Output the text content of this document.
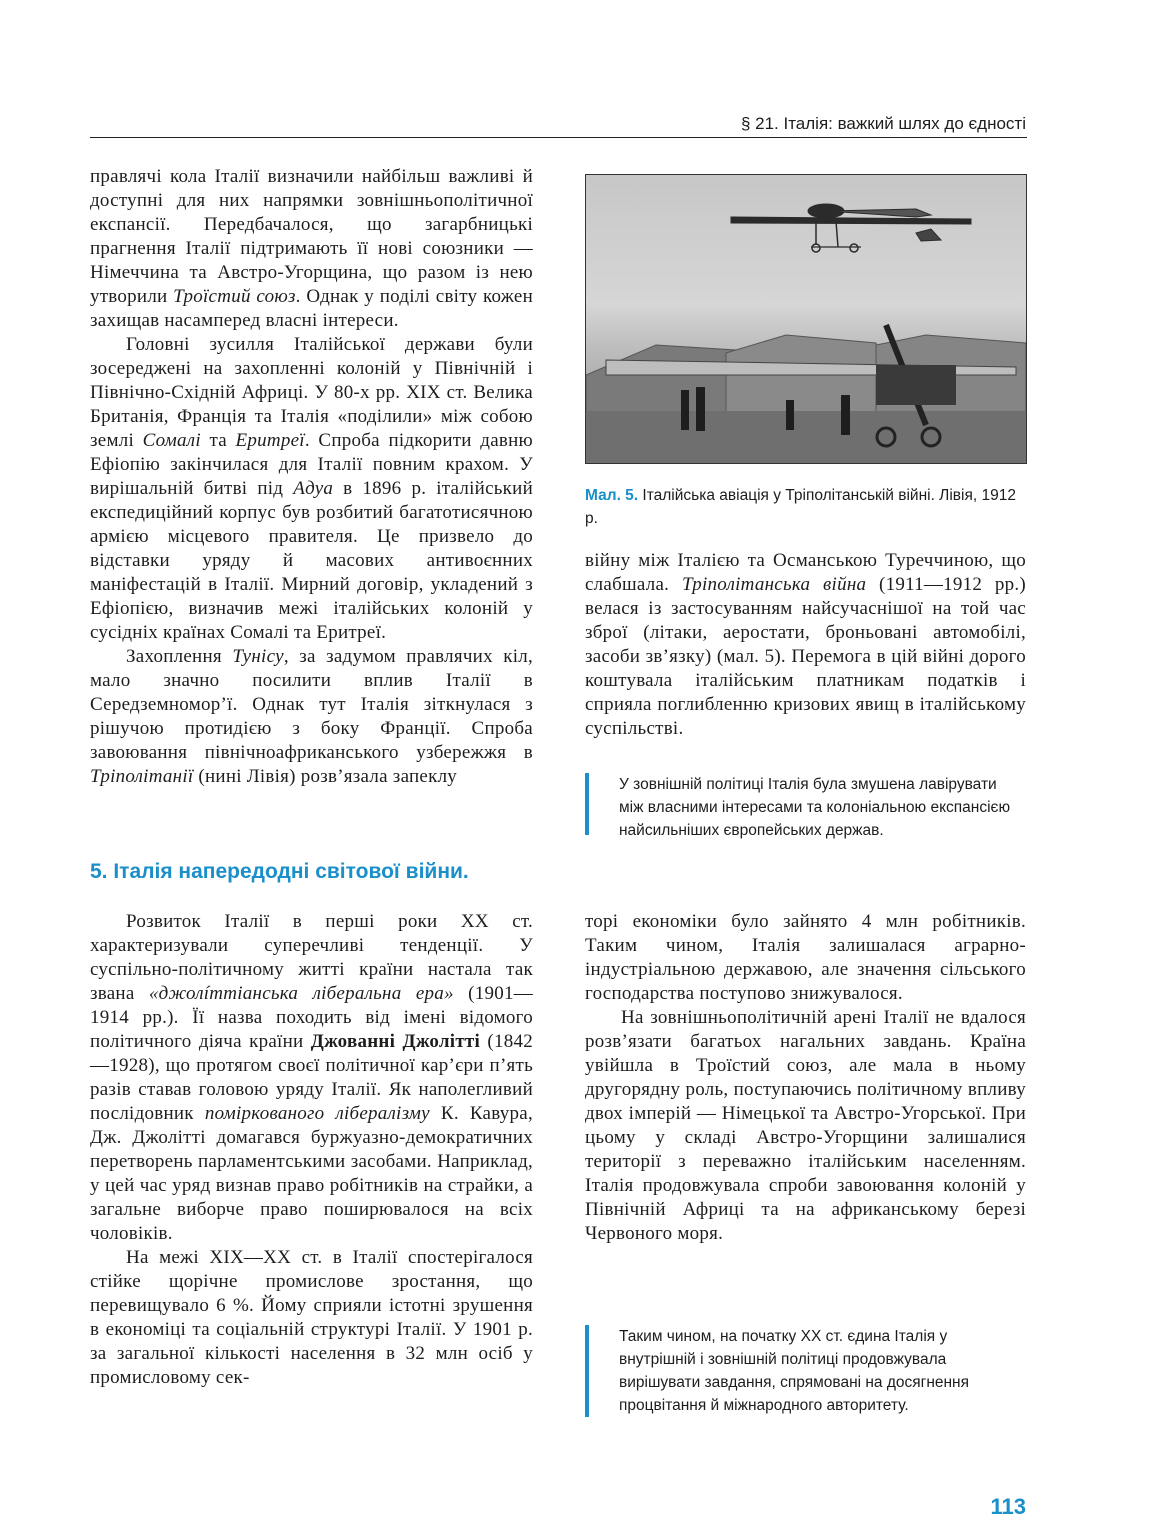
§ 21. Італія: важкий шлях до єдності

правлячі кола Італії визначили найбільш важливі й доступні для них напрямки зовнішньополітичної експансії. Передбачалося, що загарбницькі прагнення Італії підтримають її нові союзники — Німеччина та Австро-Угорщина, що разом із нею утворили Троїстий союз. Однак у поділі світу кожен захищав насамперед власні інтереси.

Головні зусилля Італійської держави були зосереджені на захопленні колоній у Північній і Північно-Східній Африці. У 80-х рр. XIX ст. Велика Британія, Франція та Італія «поділили» між собою землі Сомалі та Еритреї. Спроба підкорити давню Ефіопію закінчилася для Італії повним крахом. У вирішальній битві під Адуа в 1896 р. італійський експедиційний корпус був розбитий багатотисячною армією місцевого правителя. Це призвело до відставки уряду й масових антивоєнних маніфестацій в Італії. Мирний договір, укладений з Ефіопією, визначив межі італійських колоній у сусідніх країнах Сомалі та Еритреї.

Захоплення Тунісу, за задумом правлячих кіл, мало значно посилити вплив Італії в Середземномор’ї. Однак тут Італія зіткнулася з рішучою протидією з боку Франції. Спроба завоювання північноафриканського узбережжя в Тріполітанії (нині Лівія) розв’язала запеклу

Мал. 5. Італійська авіація у Тріполітанській війні. Лівія, 1912 р.

війну між Італією та Османською Туреччиною, що слабшала. Тріполітанська війна (1911—1912 рр.) велася із застосуванням найсучаснішої на той час зброї (літаки, аеростати, броньовані автомобілі, засоби зв’язку) (мал. 5). Перемога в цій війні дорого коштувала італійським платникам податків і сприяла поглибленню кризових явищ в італійському суспільстві.

У зовнішній політиці Італія була змушена лавірувати між власними інтересами та колоніальною експансією найсильніших європейських держав.

5. Італія напередодні світової війни.

Розвиток Італії в перші роки XX ст. характеризували суперечливі тенденції. У суспільно-політичному житті країни настала так звана «джолíттіанська ліберальна ера» (1901—1914 рр.). Її назва походить від імені відомого політичного діяча країни Джованні Джолітті (1842—1928), що протягом своєї політичної кар’єри п’ять разів ставав головою уряду Італії. Як наполегливий послідовник поміркованого лібералізму К. Кавура, Дж. Джолітті домагався буржуазно-демократичних перетворень парламентськими засобами. Наприклад, у цей час уряд визнав право робітників на страйки, а загальне виборче право поширювалося на всіх чоловіків.

На межі XIX—XX ст. в Італії спостерігалося стійке щорічне промислове зростання, що перевищувало 6 %. Йому сприяли істотні зрушення в економіці та соціальній структурі Італії. У 1901 р. за загальної кількості населення в 32 млн осіб у промисловому сек-

торі економіки було зайнято 4 млн робітників. Таким чином, Італія залишалася аграрно-індустріальною державою, але значення сільського господарства поступово знижувалося.

На зовнішньополітичній арені Італії не вдалося розв’язати багатьох нагальних завдань. Країна увійшла в Троїстий союз, але мала в ньому другорядну роль, поступаючись політичному впливу двох імперій — Німецької та Австро-Угорської. При цьому у складі Австро-Угорщини залишалися території з переважно італійським населенням. Італія продовжувала спроби завоювання колоній у Північній Африці та на африканському березі Червоного моря.

Таким чином, на початку XX ст. єдина Італія у внутрішній і зовнішній політиці продовжувала вирішувати завдання, спрямовані на досягнення процвітання й міжнародного авторитету.

113
